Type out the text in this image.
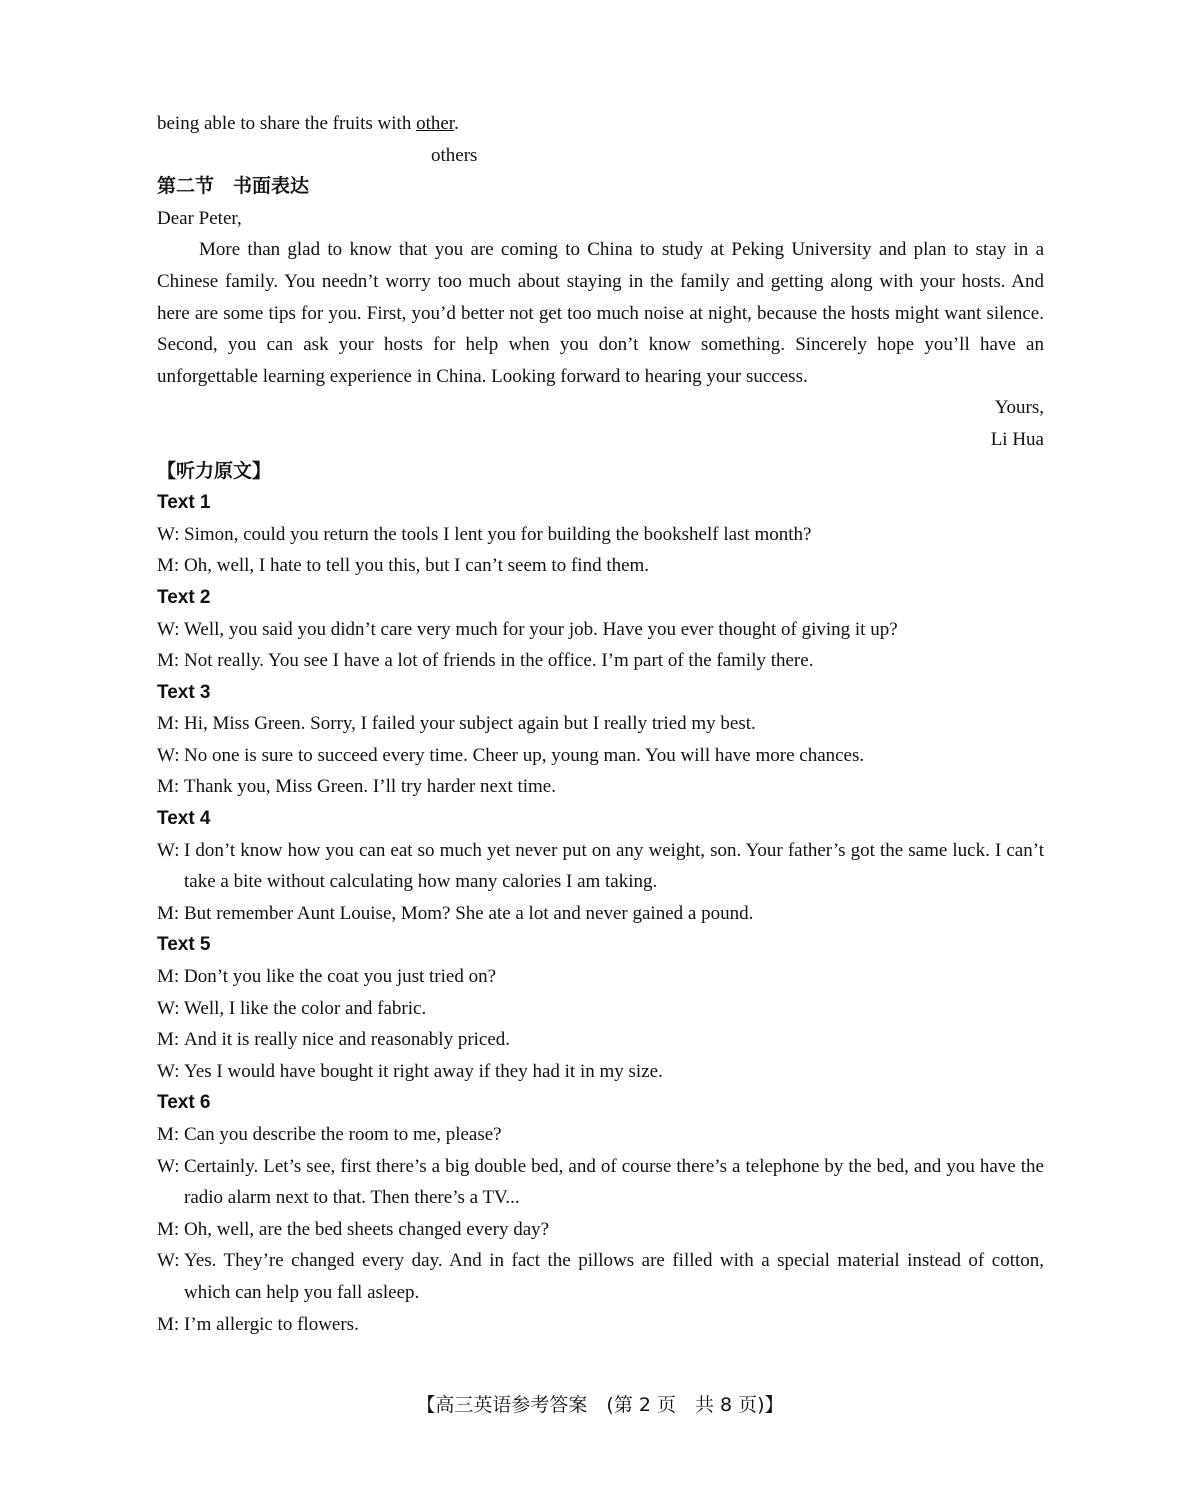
being able to share the fruits with other.
others
第二节　书面表达
Dear Peter,
More than glad to know that you are coming to China to study at Peking University and plan to stay in a Chinese family. You needn’t worry too much about staying in the family and getting along with your hosts. And here are some tips for you. First, you’d better not get too much noise at night, because the hosts might want silence. Second, you can ask your hosts for help when you don’t know something. Sincerely hope you’ll have an unforgettable learning experience in China. Looking forward to hearing your success.
Yours,
Li Hua
【听力原文】
Text 1
W: Simon, could you return the tools I lent you for building the bookshelf last month?
M: Oh, well, I hate to tell you this, but I can’t seem to find them.
Text 2
W: Well, you said you didn’t care very much for your job. Have you ever thought of giving it up?
M: Not really. You see I have a lot of friends in the office. I’m part of the family there.
Text 3
M: Hi, Miss Green. Sorry, I failed your subject again but I really tried my best.
W: No one is sure to succeed every time. Cheer up, young man. You will have more chances.
M: Thank you, Miss Green. I’ll try harder next time.
Text 4
W: I don’t know how you can eat so much yet never put on any weight, son. Your father’s got the same luck. I can’t take a bite without calculating how many calories I am taking.
M: But remember Aunt Louise, Mom? She ate a lot and never gained a pound.
Text 5
M: Don’t you like the coat you just tried on?
W: Well, I like the color and fabric.
M: And it is really nice and reasonably priced.
W: Yes I would have bought it right away if they had it in my size.
Text 6
M: Can you describe the room to me, please?
W: Certainly. Let’s see, first there’s a big double bed, and of course there’s a telephone by the bed, and you have the radio alarm next to that. Then there’s a TV...
M: Oh, well, are the bed sheets changed every day?
W: Yes. They’re changed every day. And in fact the pillows are filled with a special material instead of cotton, which can help you fall asleep.
M: I’m allergic to flowers.
【高三英语参考答案　(第 2 页　共 8 页)】
